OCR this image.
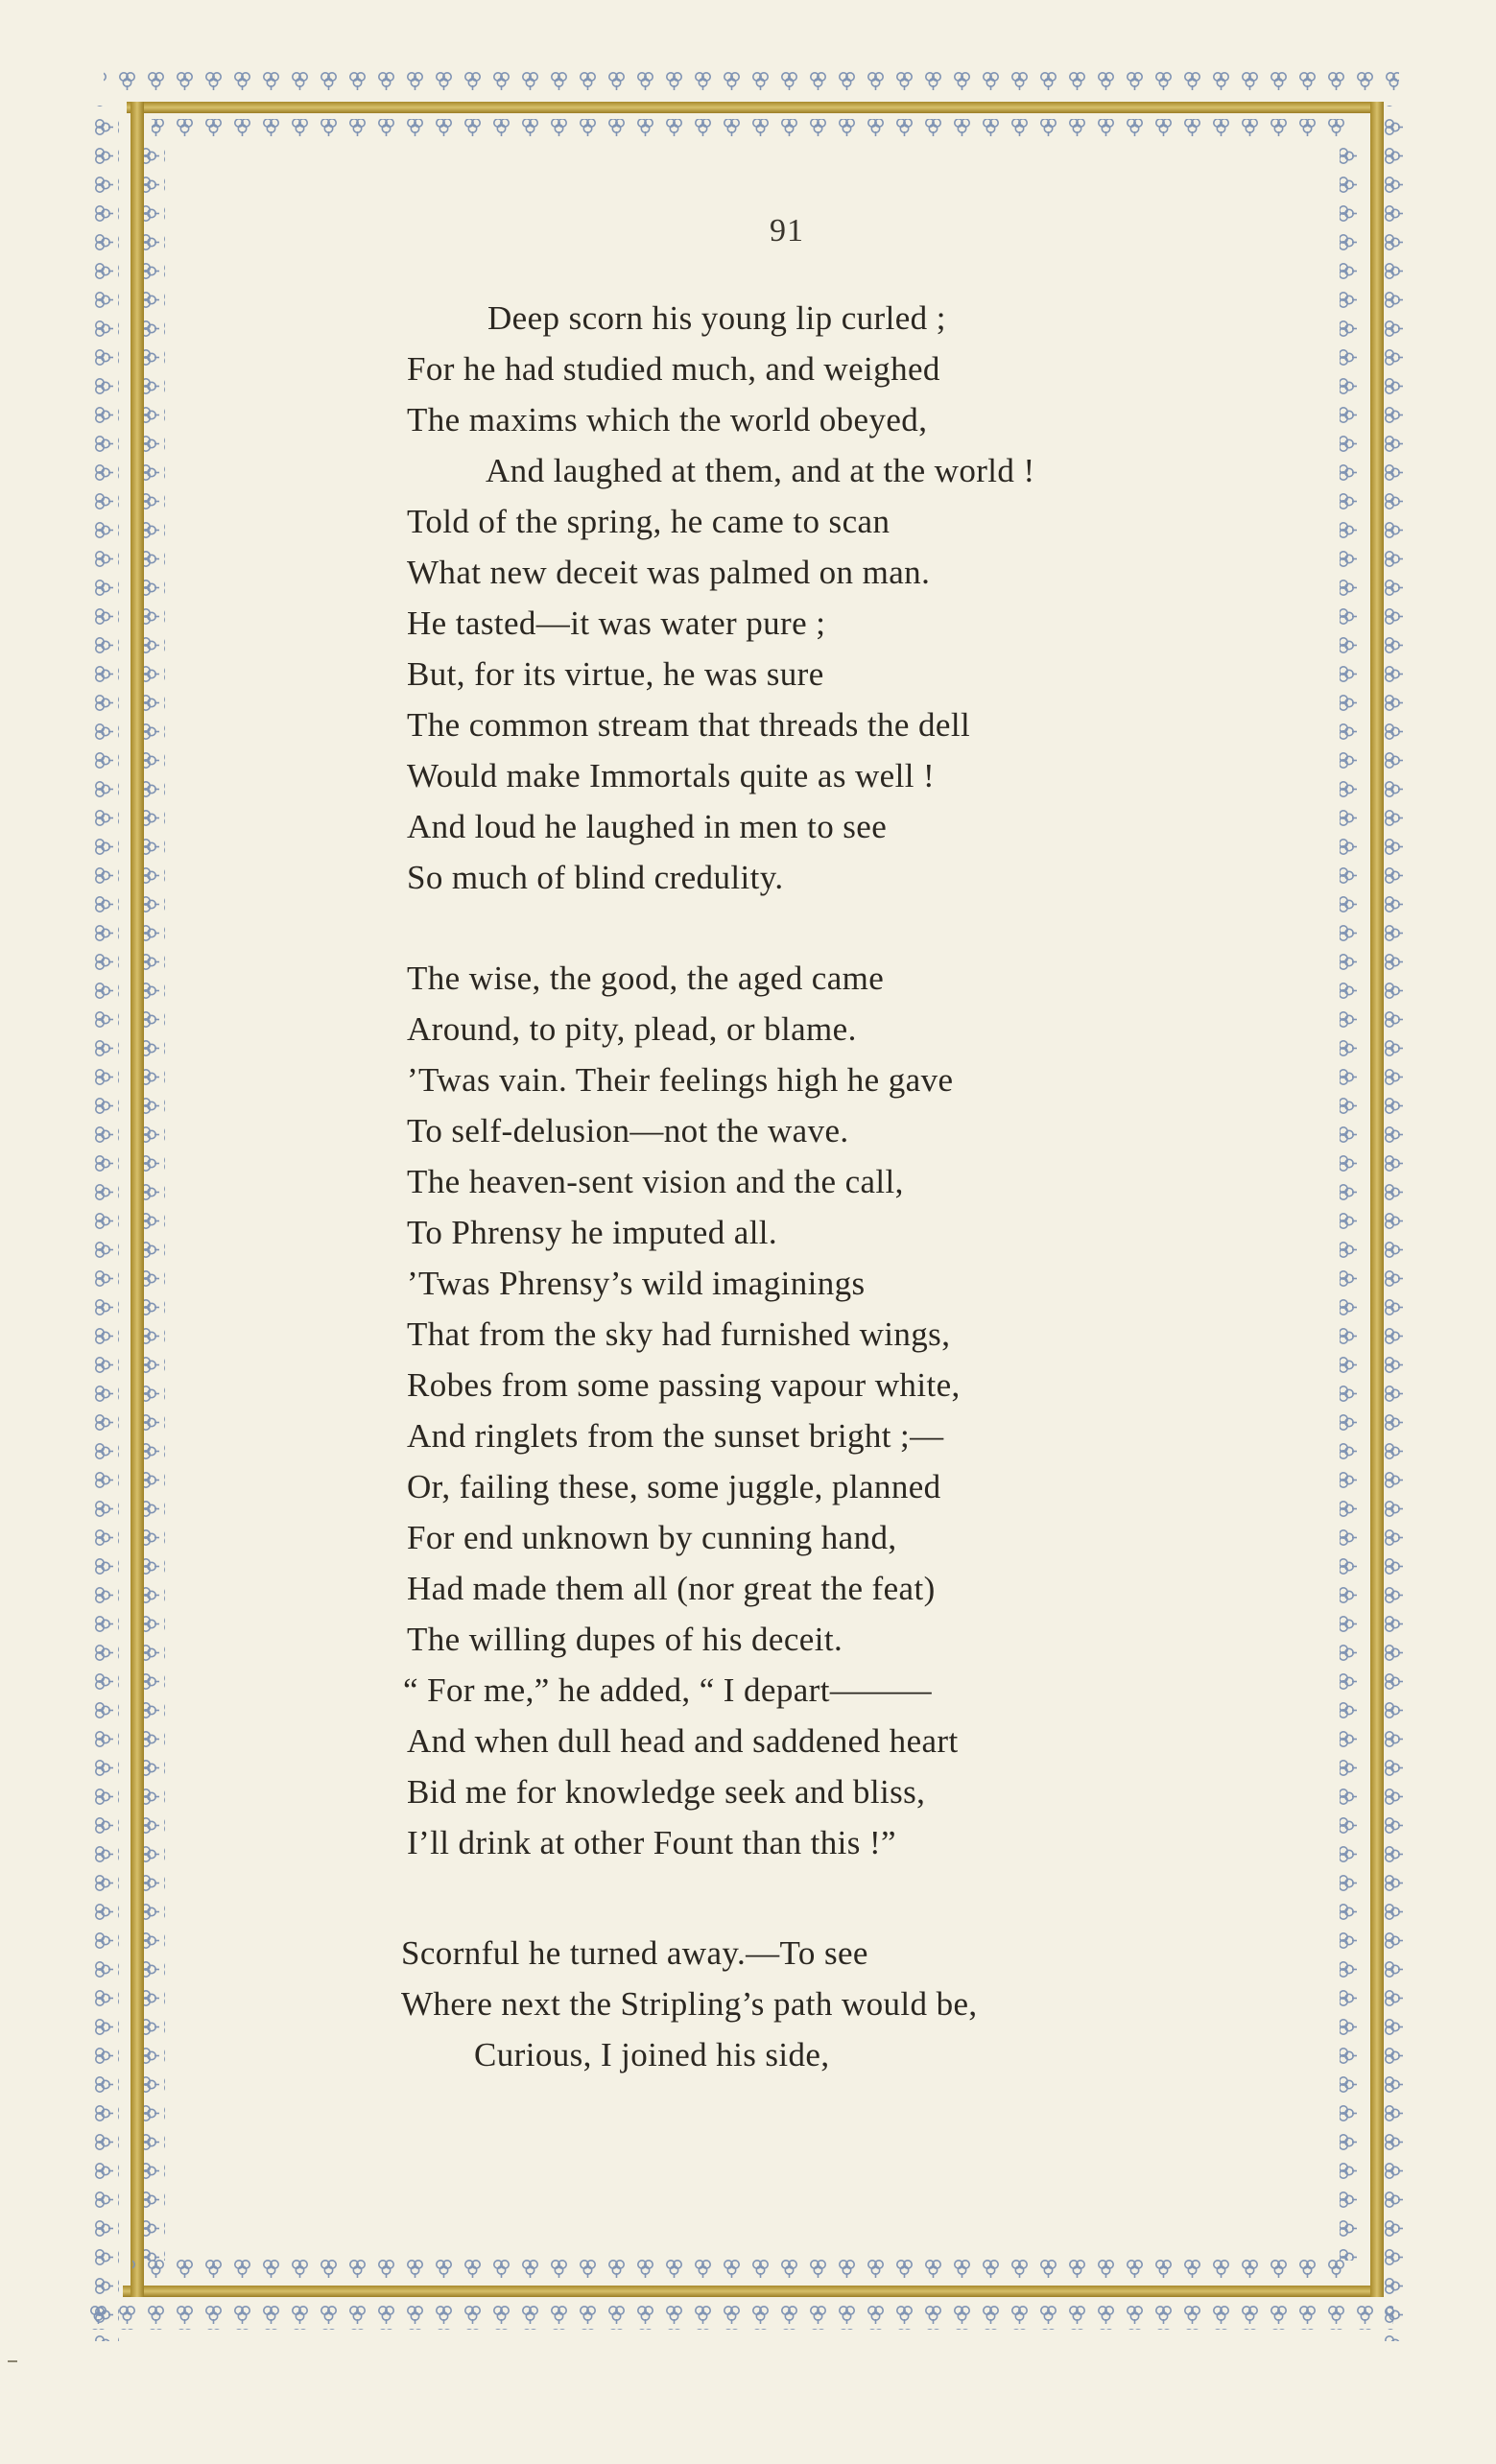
91
Deep scorn his young lip curled ;
For he had studied much, and weighed
The maxims which the world obeyed,
And laughed at them, and at the world !
Told of the spring, he came to scan
What new deceit was palmed on man.
He tasted—it was water pure ;
But, for its virtue, he was sure
The common stream that threads the dell
Would make Immortals quite as well !
And loud he laughed in men to see
So much of blind credulity.
The wise, the good, the aged came
Around, to pity, plead, or blame.
’Twas vain. Their feelings high he gave
To self-delusion—not the wave.
The heaven-sent vision and the call,
To Phrensy he imputed all.
’Twas Phrensy’s wild imaginings
That from the sky had furnished wings,
Robes from some passing vapour white,
And ringlets from the sunset bright ;—
Or, failing these, some juggle, planned
For end unknown by cunning hand,
Had made them all (nor great the feat)
The willing dupes of his deceit.
“ For me,” he added, “ I depart———
And when dull head and saddened heart
Bid me for knowledge seek and bliss,
I’ll drink at other Fount than this !”
Scornful he turned away.—To see
Where next the Stripling’s path would be,
Curious, I joined his side,
